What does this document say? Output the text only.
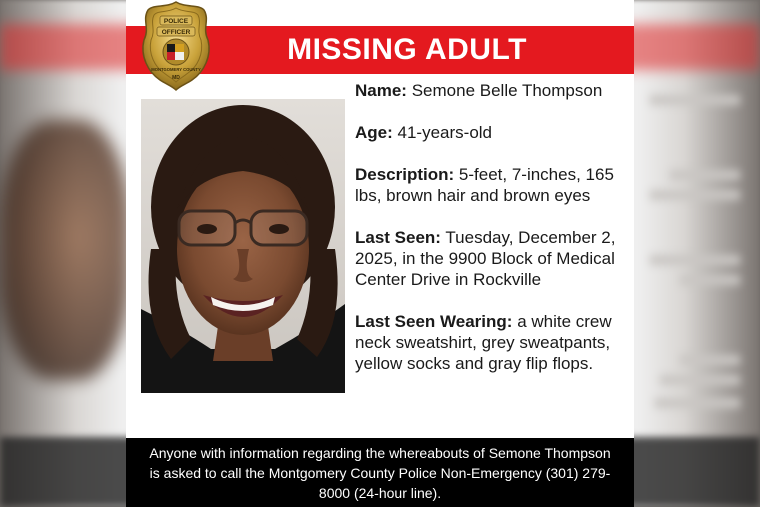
MISSING ADULT
POLICE
OFFICER
MONTGOMERY COUNTY
MD

Name: Semone Belle Thompson

Age: 41-years-old

Description: 5-feet, 7-inches, 165 lbs, brown hair and brown eyes

Last Seen: Tuesday, December 2, 2025, in the 9900 Block of Medical Center Drive in Rockville

Last Seen Wearing: a white crew neck sweatshirt, grey sweatpants, yellow socks and gray flip flops.

Anyone with information regarding the whereabouts of Semone Thompson is asked to call the Montgomery County Police Non-Emergency (301) 279-8000 (24-hour line).
